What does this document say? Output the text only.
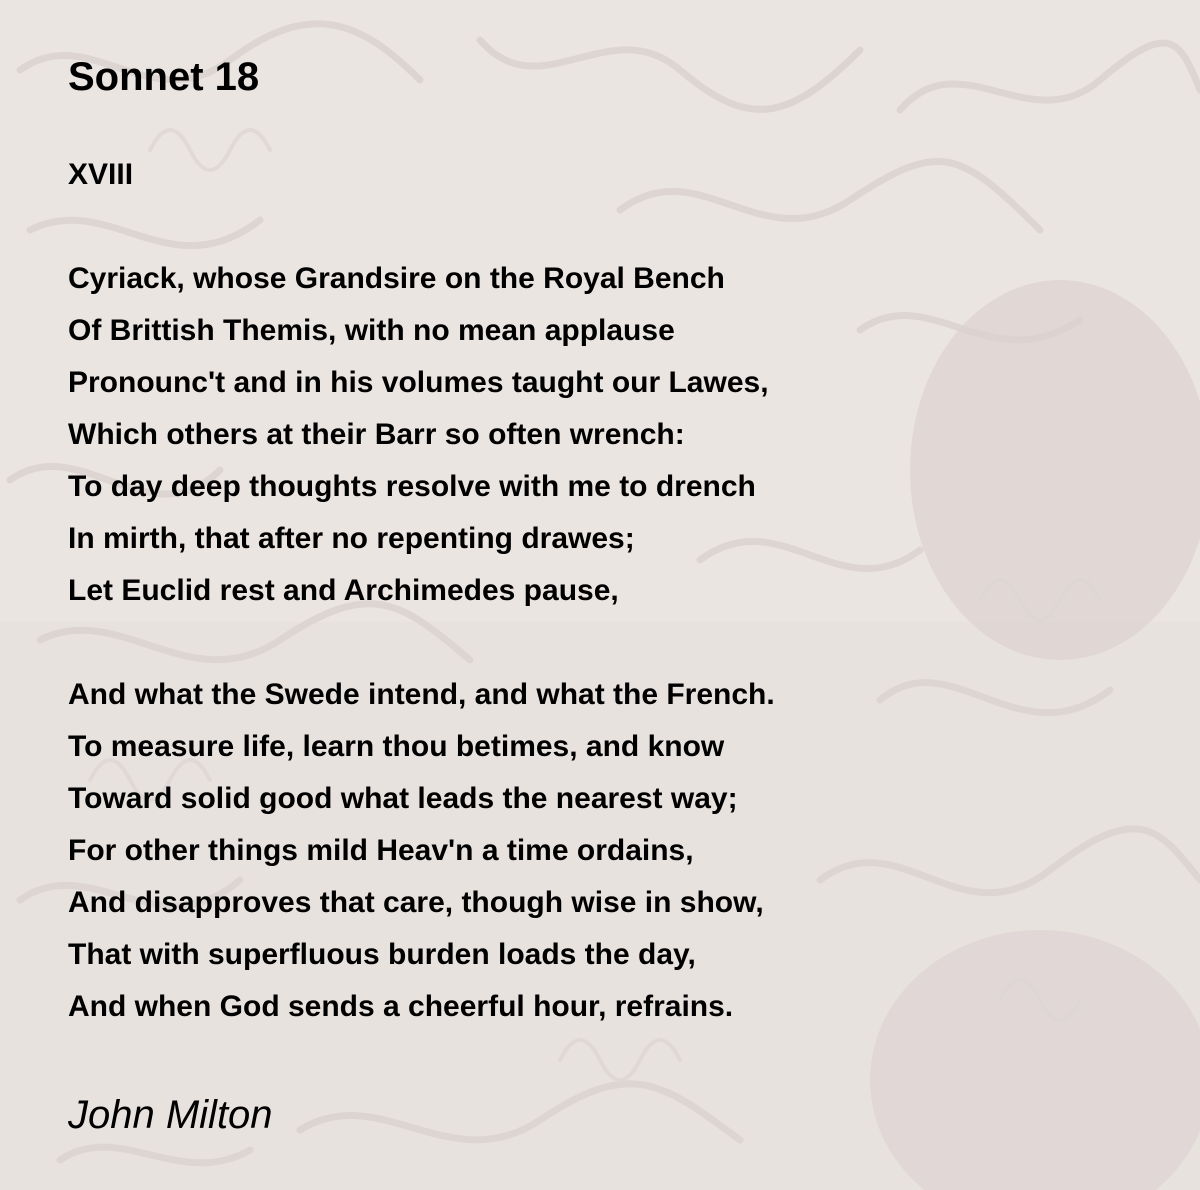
Sonnet 18
XVIII
Cyriack, whose Grandsire on the Royal Bench
Of Brittish Themis, with no mean applause
Pronounc't and in his volumes taught our Lawes,
Which others at their Barr so often wrench:
To day deep thoughts resolve with me to drench
In mirth, that after no repenting drawes;
Let Euclid rest and Archimedes pause,
And what the Swede intend, and what the French.
To measure life, learn thou betimes, and know
Toward solid good what leads the nearest way;
For other things mild Heav'n a time ordains,
And disapproves that care, though wise in show,
That with superfluous burden loads the day,
And when God sends a cheerful hour, refrains.
John Milton
